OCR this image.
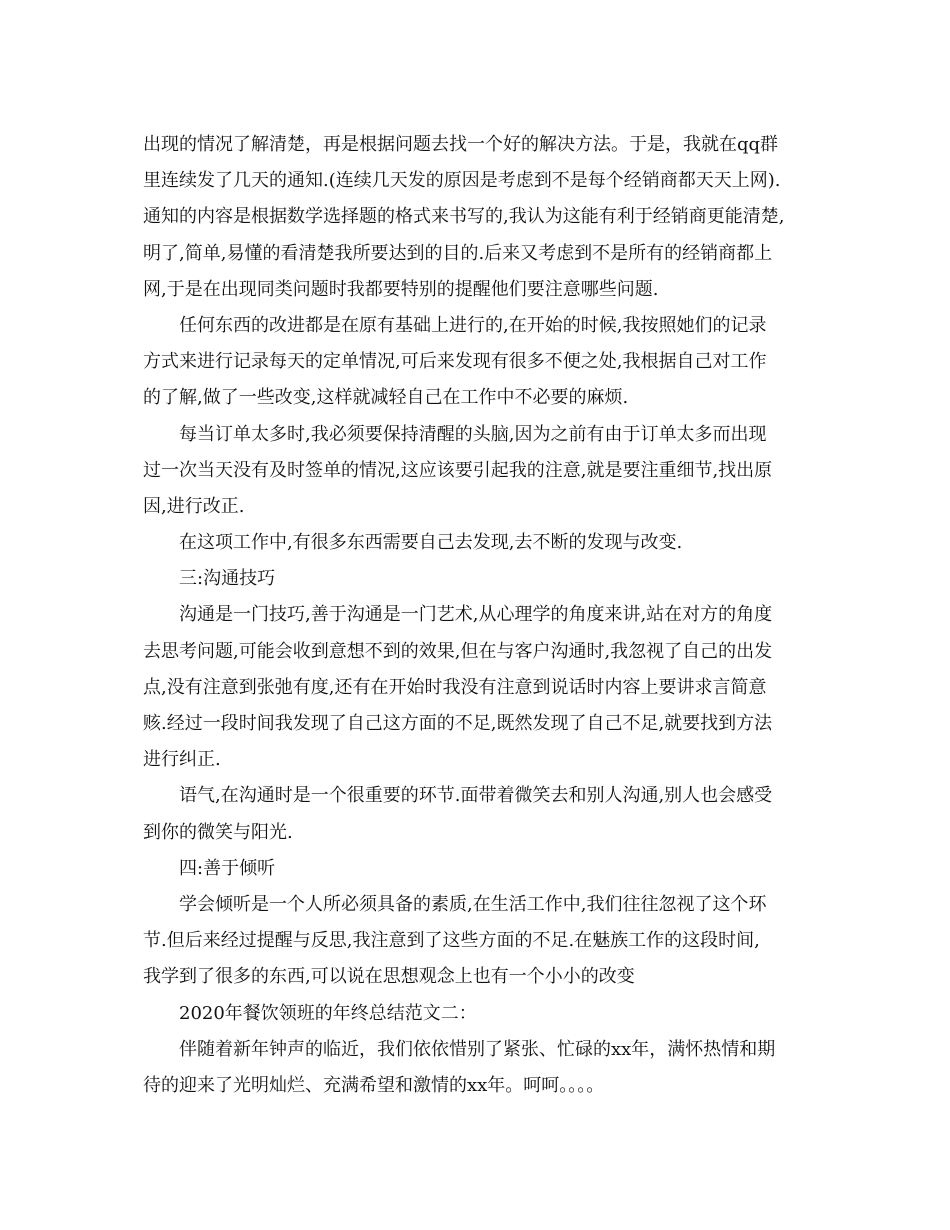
出现的情况了解清楚，再是根据问题去找一个好的解决方法。于是，我就在qq群
里连续发了几天的通知.(连续几天发的原因是考虑到不是每个经销商都天天上网).
通知的内容是根据数学选择题的格式来书写的,我认为这能有利于经销商更能清楚,
明了,简单,易懂的看清楚我所要达到的目的.后来又考虑到不是所有的经销商都上
网,于是在出现同类问题时我都要特别的提醒他们要注意哪些问题.
任何东西的改进都是在原有基础上进行的,在开始的时候,我按照她们的记录
方式来进行记录每天的定单情况,可后来发现有很多不便之处,我根据自己对工作
的了解,做了一些改变,这样就减轻自己在工作中不必要的麻烦.
每当订单太多时,我必须要保持清醒的头脑,因为之前有由于订单太多而出现
过一次当天没有及时签单的情况,这应该要引起我的注意,就是要注重细节,找出原
因,进行改正.
在这项工作中,有很多东西需要自己去发现,去不断的发现与改变.
三:沟通技巧
沟通是一门技巧,善于沟通是一门艺术,从心理学的角度来讲,站在对方的角度
去思考问题,可能会收到意想不到的效果,但在与客户沟通时,我忽视了自己的出发
点,没有注意到张弛有度,还有在开始时我没有注意到说话时内容上要讲求言简意
赅.经过一段时间我发现了自己这方面的不足,既然发现了自己不足,就要找到方法
进行纠正.
语气,在沟通时是一个很重要的环节.面带着微笑去和别人沟通,别人也会感受
到你的微笑与阳光.
四:善于倾听
学会倾听是一个人所必须具备的素质,在生活工作中,我们往往忽视了这个环
节.但后来经过提醒与反思,我注意到了这些方面的不足.在魅族工作的这段时间,
我学到了很多的东西,可以说在思想观念上也有一个小小的改变
2020年餐饮领班的年终总结范文二：
伴随着新年钟声的临近，我们依依惜别了紧张、忙碌的xx年，满怀热情和期
待的迎来了光明灿烂、充满希望和激情的xx年。呵呵。。。。
